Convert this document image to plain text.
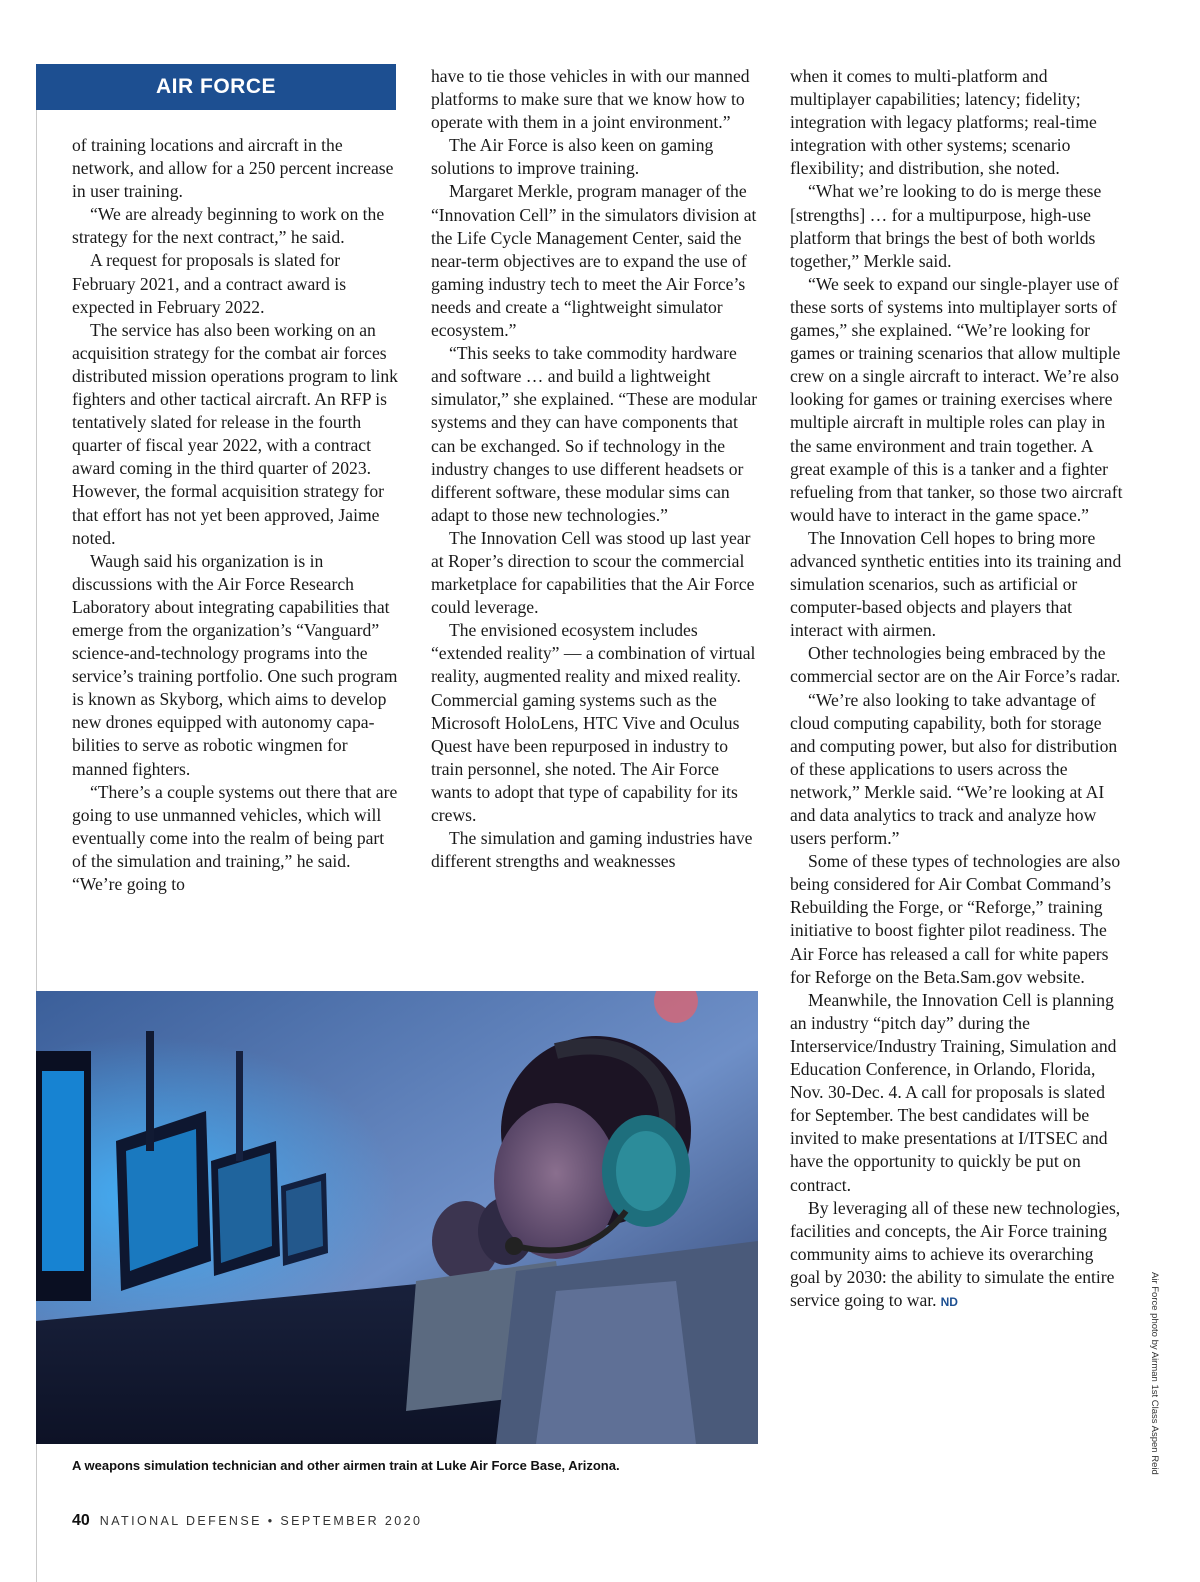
AIR FORCE

of training locations and aircraft in the network, and allow for a 250 percent increase in user training.

“We are already beginning to work on the strategy for the next contract,” he said.

A request for proposals is slated for February 2021, and a contract award is expected in February 2022.

The service has also been working on an acquisition strategy for the combat air forces distributed mission operations program to link fighters and other tactical aircraft. An RFP is tentatively slated for release in the fourth quarter of fiscal year 2022, with a contract award coming in the third quarter of 2023. However, the formal acquisition strategy for that effort has not yet been approved, Jaime noted.

Waugh said his organization is in discussions with the Air Force Research Laboratory about integrating capabilities that emerge from the organization’s “Vanguard” science-and-technology programs into the service’s training portfolio. One such program is known as Skyborg, which aims to develop new drones equipped with autonomy capabilities to serve as robotic wingmen for manned fighters.

“There’s a couple systems out there that are going to use unmanned vehicles, which will eventually come into the realm of being part of the simulation and training,” he said. “We’re going to

have to tie those vehicles in with our manned platforms to make sure that we know how to operate with them in a joint environment.”

The Air Force is also keen on gaming solutions to improve training.

Margaret Merkle, program manager of the “Innovation Cell” in the simulators division at the Life Cycle Management Center, said the near-term objectives are to expand the use of gaming industry tech to meet the Air Force’s needs and create a “lightweight simulator ecosystem.”

“This seeks to take commodity hardware and software … and build a lightweight simulator,” she explained. “These are modular systems and they can have components that can be exchanged. So if technology in the industry changes to use different headsets or different software, these modular sims can adapt to those new technologies.”

The Innovation Cell was stood up last year at Roper’s direction to scour the commercial marketplace for capabilities that the Air Force could leverage.

The envisioned ecosystem includes “extended reality” — a combination of virtual reality, augmented reality and mixed reality. Commercial gaming systems such as the Microsoft HoloLens, HTC Vive and Oculus Quest have been repurposed in industry to train personnel, she noted. The Air Force wants to adopt that type of capability for its crews.

The simulation and gaming industries have different strengths and weaknesses

when it comes to multi-platform and multiplayer capabilities; latency; fidelity; integration with legacy platforms; real-time integration with other systems; scenario flexibility; and distribution, she noted.

“What we’re looking to do is merge these [strengths] … for a multipurpose, high-use platform that brings the best of both worlds together,” Merkle said.

“We seek to expand our single-player use of these sorts of systems into multiplayer sorts of games,” she explained. “We’re looking for games or training scenarios that allow multiple crew on a single aircraft to interact. We’re also looking for games or training exercises where multiple aircraft in multiple roles can play in the same environment and train together. A great example of this is a tanker and a fighter refueling from that tanker, so those two aircraft would have to interact in the game space.”

The Innovation Cell hopes to bring more advanced synthetic entities into its training and simulation scenarios, such as artificial or computer-based objects and players that interact with airmen.

Other technologies being embraced by the commercial sector are on the Air Force’s radar.

“We’re also looking to take advantage of cloud computing capability, both for storage and computing power, but also for distribution of these applications to users across the network,” Merkle said. “We’re looking at AI and data analytics to track and analyze how users perform.”

Some of these types of technologies are also being considered for Air Combat Command’s Rebuilding the Forge, or “Reforge,” training initiative to boost fighter pilot readiness. The Air Force has released a call for white papers for Reforge on the Beta.Sam.gov website.

Meanwhile, the Innovation Cell is planning an industry “pitch day” during the Interservice/Industry Training, Simulation and Education Conference, in Orlando, Florida, Nov. 30-Dec. 4. A call for proposals is slated for September. The best candidates will be invited to make presentations at I/ITSEC and have the opportunity to quickly be put on contract.

By leveraging all of these new technologies, facilities and concepts, the Air Force training community aims to achieve its overarching goal by 2030: the ability to simulate the entire service going to war. ND

A weapons simulation technician and other airmen train at Luke Air Force Base, Arizona.	Air Force photo by Airman 1st Class Aspen Reid
40 NATIONAL DEFENSE • SEPTEMBER 2020
